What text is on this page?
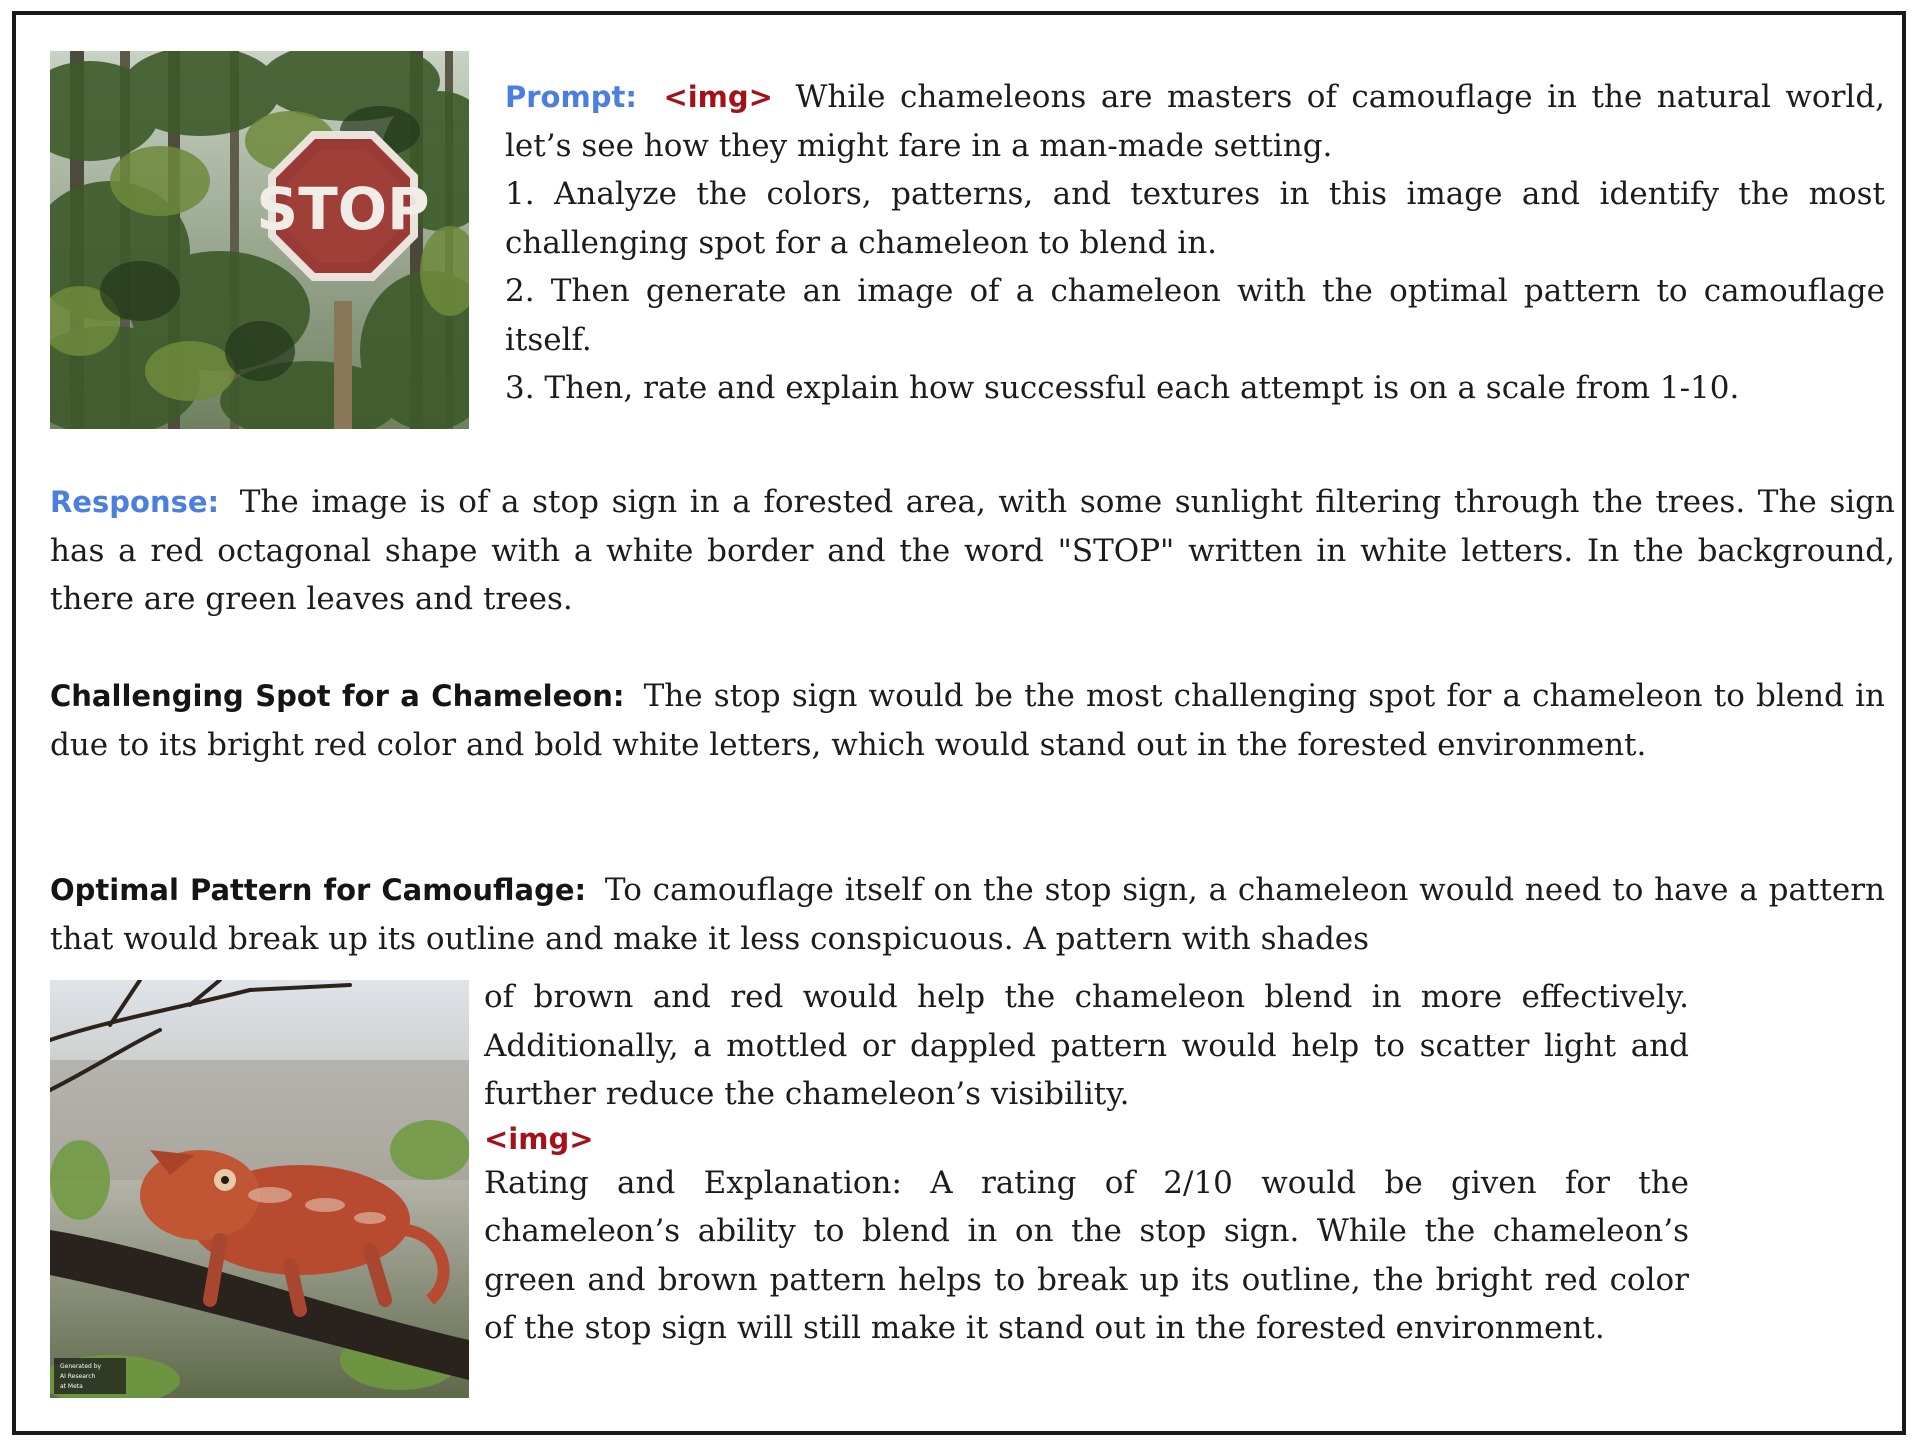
STOP
Prompt: <img> While chameleons are masters of camouflage in the natural world, let’s see how they might fare in a man-made setting.
1. Analyze the colors, patterns, and textures in this image and identify the most challenging spot for a chameleon to blend in.
2. Then generate an image of a chameleon with the optimal pattern to camouflage itself.
3. Then, rate and explain how successful each attempt is on a scale from 1-10.
Response: The image is of a stop sign in a forested area, with some sunlight filtering through the trees. The sign has a red octagonal shape with a white border and the word "STOP" written in white letters. In the background, there are green leaves and trees.
Challenging Spot for a Chameleon: The stop sign would be the most challenging spot for a chameleon to blend in due to its bright red color and bold white letters, which would stand out in the forested environment.
Optimal Pattern for Camouflage: To camouflage itself on the stop sign, a chameleon would need to have a pattern that would break up its outline and make it less conspicuous. A pattern with shades
Generated by
AI Research
at Meta
of brown and red would help the chameleon blend in more effectively. Additionally, a mottled or dappled pattern would help to scatter light and further reduce the chameleon’s visibility.
<img>
Rating and Explanation: A rating of 2/10 would be given for the chameleon’s ability to blend in on the stop sign. While the chameleon’s green and brown pattern helps to break up its outline, the bright red color of the stop sign will still make it stand out in the forested environment.
